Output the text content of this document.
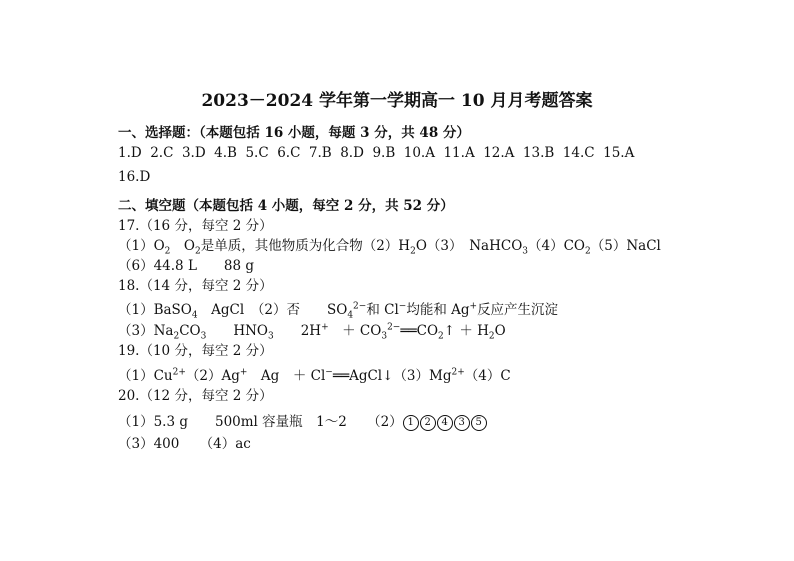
2023－2024 学年第一学期高一 10 月月考题答案
一、选择题：（本题包括 16 小题，每题 3 分，共 48 分）
1.D 2.C 3.D 4.B 5.C 6.C 7.B 8.D 9.B 10.A 11.A 12.A 13.B 14.C 15.A
16.D
二、填空题（本题包括 4 小题，每空 2 分，共 52 分）
17.（16 分，每空 2 分）
$(1)O_2$　$O_2$是单质，其他物质为化合物$(2)H_2O(3)$　$NaHCO_3(4)CO_2(5)NaCl$
（6）44.8 L　　88 g
18.（14 分，每空 2 分）
（1）BaSO$_4$　AgCl　（2）否　　$SO_4^{2-}$和 Cl−均能和 Ag+反应产生沉淀
$(3)Na_2CO_3$　　$HNO_3$　　2H+　＋ $CO_3^{2-}══CO_2↑ + H_2O$
19.（10 分，每空 2 分）
$(1)Cu^{2+}(2)Ag^+$　Ag　＋ $Cl^-══AgCl↓(3)Mg^{2+}(4)C$
20.（12 分，每空 2 分）
（1）5.3 g　　500ml 容量瓶　1～2　　（2） 1 2 4 3 5
（3）400　　（4）ac
